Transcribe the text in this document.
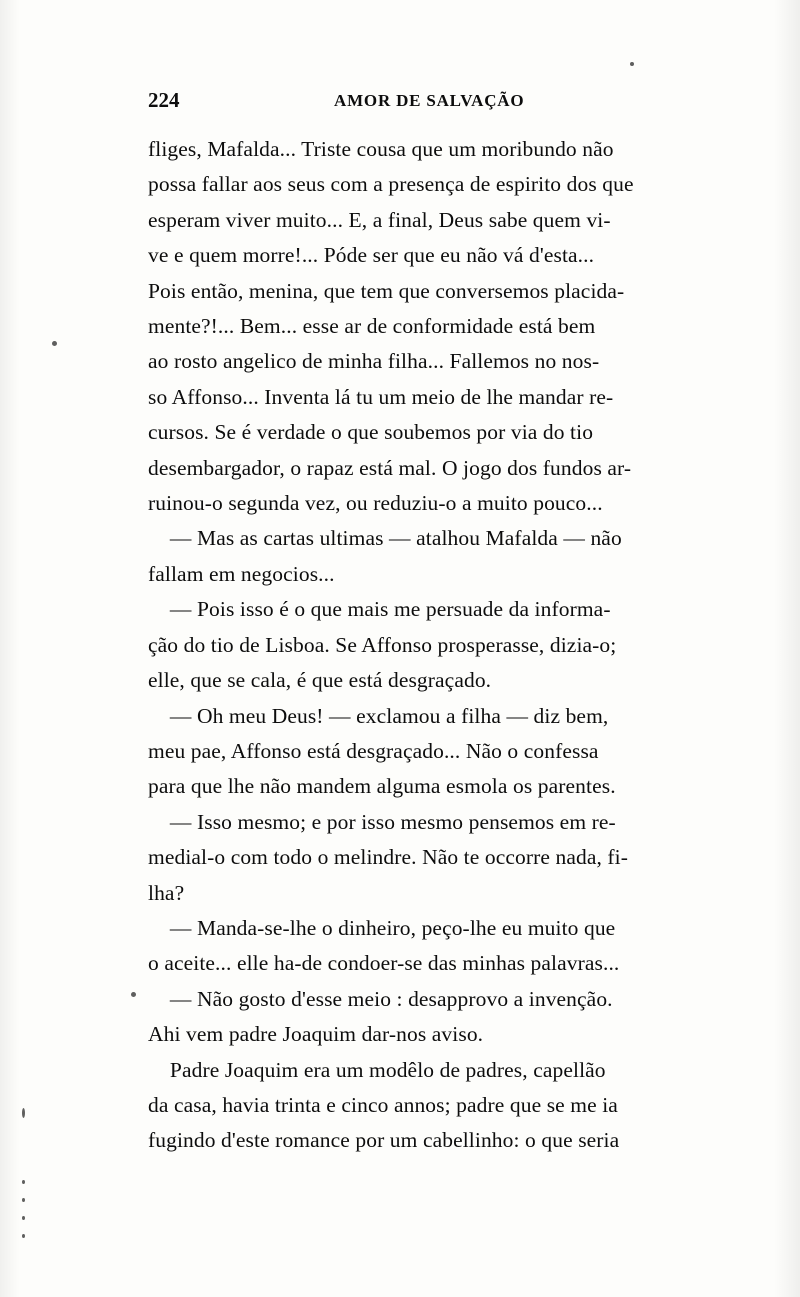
224	AMOR DE SALVAÇÃO
fliges, Mafalda... Triste cousa que um moribundo não
possa fallar aos seus com a presença de espirito dos que
esperam viver muito... E, a final, Deus sabe quem vi-
ve e quem morre!... Póde ser que eu não vá d'esta...
Pois então, menina, que tem que conversemos placida-
mente?!... Bem... esse ar de conformidade está bem
ao rosto angelico de minha filha... Fallemos no nos-
so Affonso... Inventa lá tu um meio de lhe mandar re-
cursos. Se é verdade o que soubemos por via do tio
desembargador, o rapaz está mal. O jogo dos fundos ar-
ruinou-o segunda vez, ou reduziu-o a muito pouco...
— Mas as cartas ultimas — atalhou Mafalda — não
fallam em negocios...
— Pois isso é o que mais me persuade da informa-
ção do tio de Lisboa. Se Affonso prosperasse, dizia-o;
elle, que se cala, é que está desgraçado.
— Oh meu Deus! — exclamou a filha — diz bem,
meu pae, Affonso está desgraçado... Não o confessa
para que lhe não mandem alguma esmola os parentes.
— Isso mesmo; e por isso mesmo pensemos em re-
medial-o com todo o melindre. Não te occorre nada, fi-
lha?
— Manda-se-lhe o dinheiro, peço-lhe eu muito que
o aceite... elle ha-de condoer-se das minhas palavras...
— Não gosto d'esse meio : desapprovo a invenção.
Ahi vem padre Joaquim dar-nos aviso.
Padre Joaquim era um modêlo de padres, capellão
da casa, havia trinta e cinco annos; padre que se me ia
fugindo d'este romance por um cabellinho: o que seria
